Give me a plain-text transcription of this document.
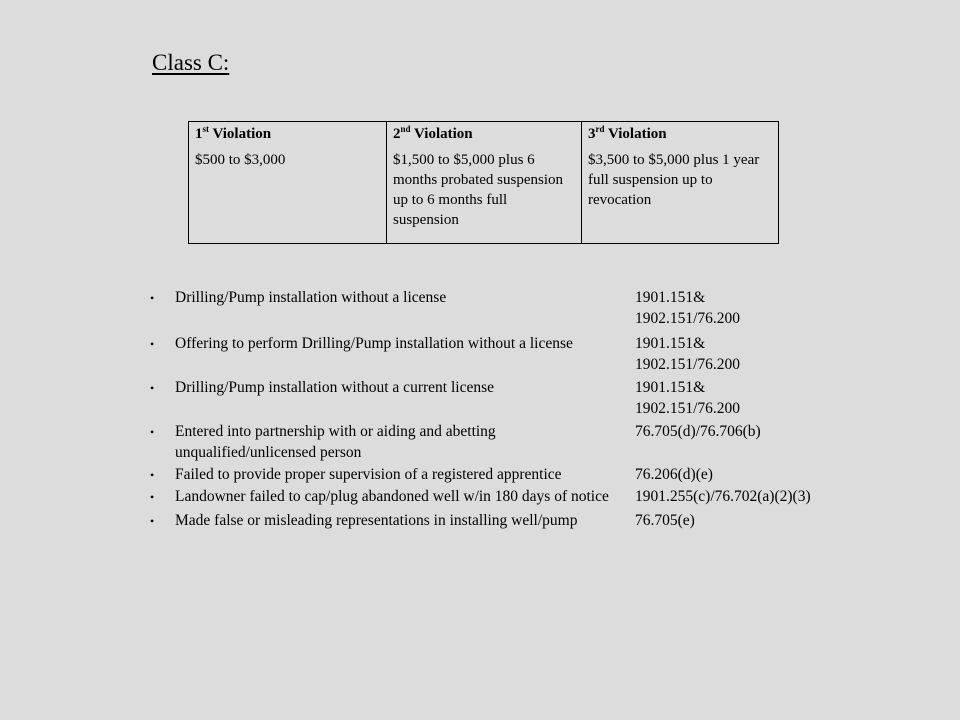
Class C:
1st Violation	2nd Violation	3rd Violation
$500 to $3,000	$1,500 to $5,000 plus 6 months probated suspension up to 6 months full suspension	$3,500 to $5,000 plus 1 year full suspension up to revocation
•	Drilling/Pump installation without a license	1901.151&
1902.151/76.200
•	Offering to perform Drilling/Pump installation without a license	1901.151&
1902.151/76.200
•	Drilling/Pump installation without a current license	1901.151&
1902.151/76.200
•	Entered into partnership with or aiding and abetting unqualified/unlicensed person
76.705(d)/76.706(b)
•	Failed to provide proper supervision of a registered apprentice	76.206(d)(e)
•	Landowner failed to cap/plug abandoned well w/in 180 days of notice	1901.255(c)/76.702(a)(2)(3)
•	Made false or misleading representations in installing well/pump	76.705(e)
